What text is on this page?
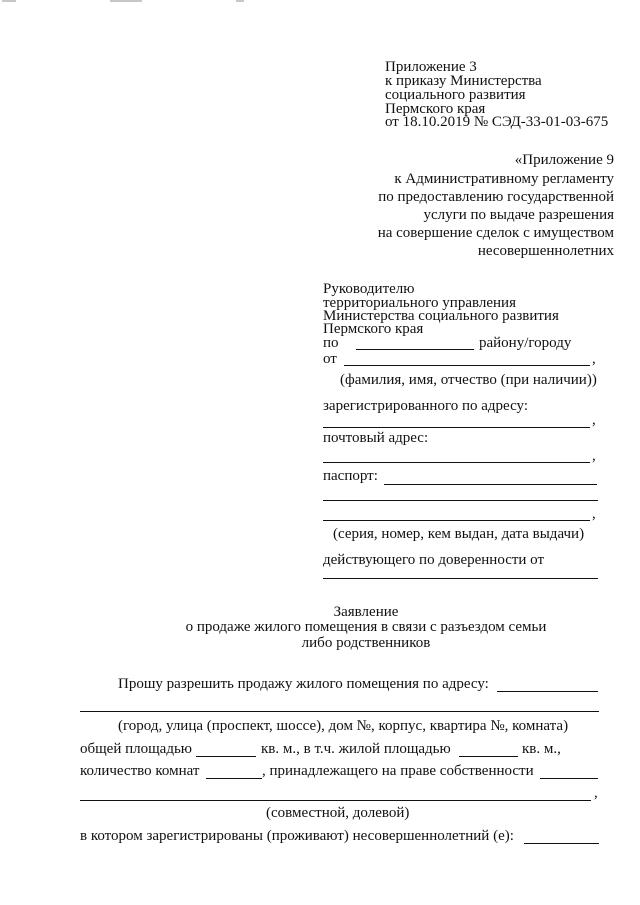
Приложение 3
к приказу Министерства
социального развития
Пермского края
от 18.10.2019 № СЭД-33-01-03-675
«Приложение 9
к Административному регламенту
по предоставлению государственной
услуги по выдаче разрешения
на совершение сделок с имуществом
несовершеннолетних
Руководителю
территориального управления
Министерства социального развития
Пермского края
по	району/городу
от	,
(фамилия, имя, отчество (при наличии))
зарегистрированного по адресу:
,
почтовый адрес:
,
паспорт:
,
(серия, номер, кем выдан, дата выдачи)
действующего по доверенности от
Заявление
о продаже жилого помещения в связи с разъездом семьи
либо родственников
Прошу разрешить продажу жилого помещения по адресу:
(город, улица (проспект, шоссе), дом №, корпус, квартира №, комната)
общей площадью	кв. м., в т.ч. жилой площадью	кв. м.,
количество комнат	, принадлежащего на праве собственности
,
(совместной, долевой)
в котором зарегистрированы (проживают) несовершеннолетний (е):
